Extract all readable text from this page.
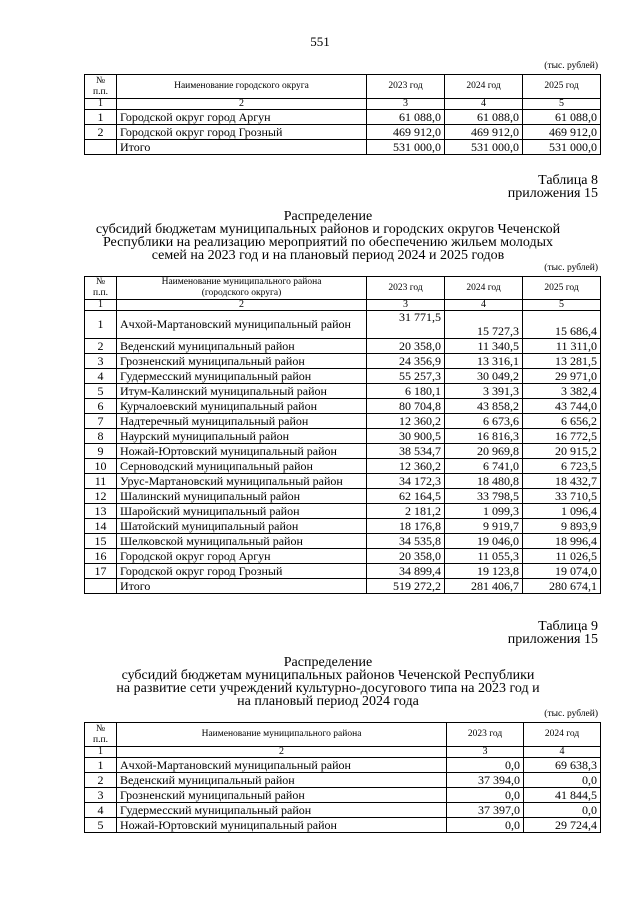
551
(тыс. рублей)
№
п.п.	Наименование городского округа	2023 год	2024 год	2025 год
1	2	3	4	5
1	Городской округ город Аргун	61 088,0	61 088,0	61 088,0
2	Городской округ город Грозный	469 912,0	469 912,0	469 912,0
	Итого	531 000,0	531 000,0	531 000,0
Таблица 8
приложения 15
Распределение
субсидий бюджетам муниципальных районов и городских округов Чеченской
Республики на реализацию мероприятий по обеспечению жильем молодых
семей на 2023 год и на плановый период 2024 и 2025 годов
(тыс. рублей)
№
п.п.	Наименование муниципального района
(городского округа)	2023 год	2024 год	2025 год
1	2	3	4	5
1	Ачхой-Мартановский муниципальный район	31 771,5	15 727,3	15 686,4
2	Веденский муниципальный район	20 358,0	11 340,5	11 311,0
3	Грозненский муниципальный район	24 356,9	13 316,1	13 281,5
4	Гудермесский муниципальный район	55 257,3	30 049,2	29 971,0
5	Итум-Калинский муниципальный район	6 180,1	3 391,3	3 382,4
6	Курчалоевский муниципальный район	80 704,8	43 858,2	43 744,0
7	Надтеречный муниципальный район	12 360,2	6 673,6	6 656,2
8	Наурский муниципальный район	30 900,5	16 816,3	16 772,5
9	Ножай-Юртовский муниципальный район	38 534,7	20 969,8	20 915,2
10	Серноводский муниципальный район	12 360,2	6 741,0	6 723,5
11	Урус-Мартановский муниципальный район	34 172,3	18 480,8	18 432,7
12	Шалинский муниципальный район	62 164,5	33 798,5	33 710,5
13	Шаройский муниципальный район	2 181,2	1 099,3	1 096,4
14	Шатойский муниципальный район	18 176,8	9 919,7	9 893,9
15	Шелковской муниципальный район	34 535,8	19 046,0	18 996,4
16	Городской округ город Аргун	20 358,0	11 055,3	11 026,5
17	Городской округ город Грозный	34 899,4	19 123,8	19 074,0
	Итого	519 272,2	281 406,7	280 674,1
Таблица 9
приложения 15
Распределение
субсидий бюджетам муниципальных районов Чеченской Республики
на развитие сети учреждений культурно-досугового типа на 2023 год и
на плановый период 2024 года
(тыс. рублей)
№
п.п.	Наименование муниципального района	2023 год	2024 год
1	2	3	4
1	Ачхой-Мартановский муниципальный район	0,0	69 638,3
2	Веденский муниципальный район	37 394,0	0,0
3	Грозненский муниципальный район	0,0	41 844,5
4	Гудермесский муниципальный район	37 397,0	0,0
5	Ножай-Юртовский муниципальный район	0,0	29 724,4
